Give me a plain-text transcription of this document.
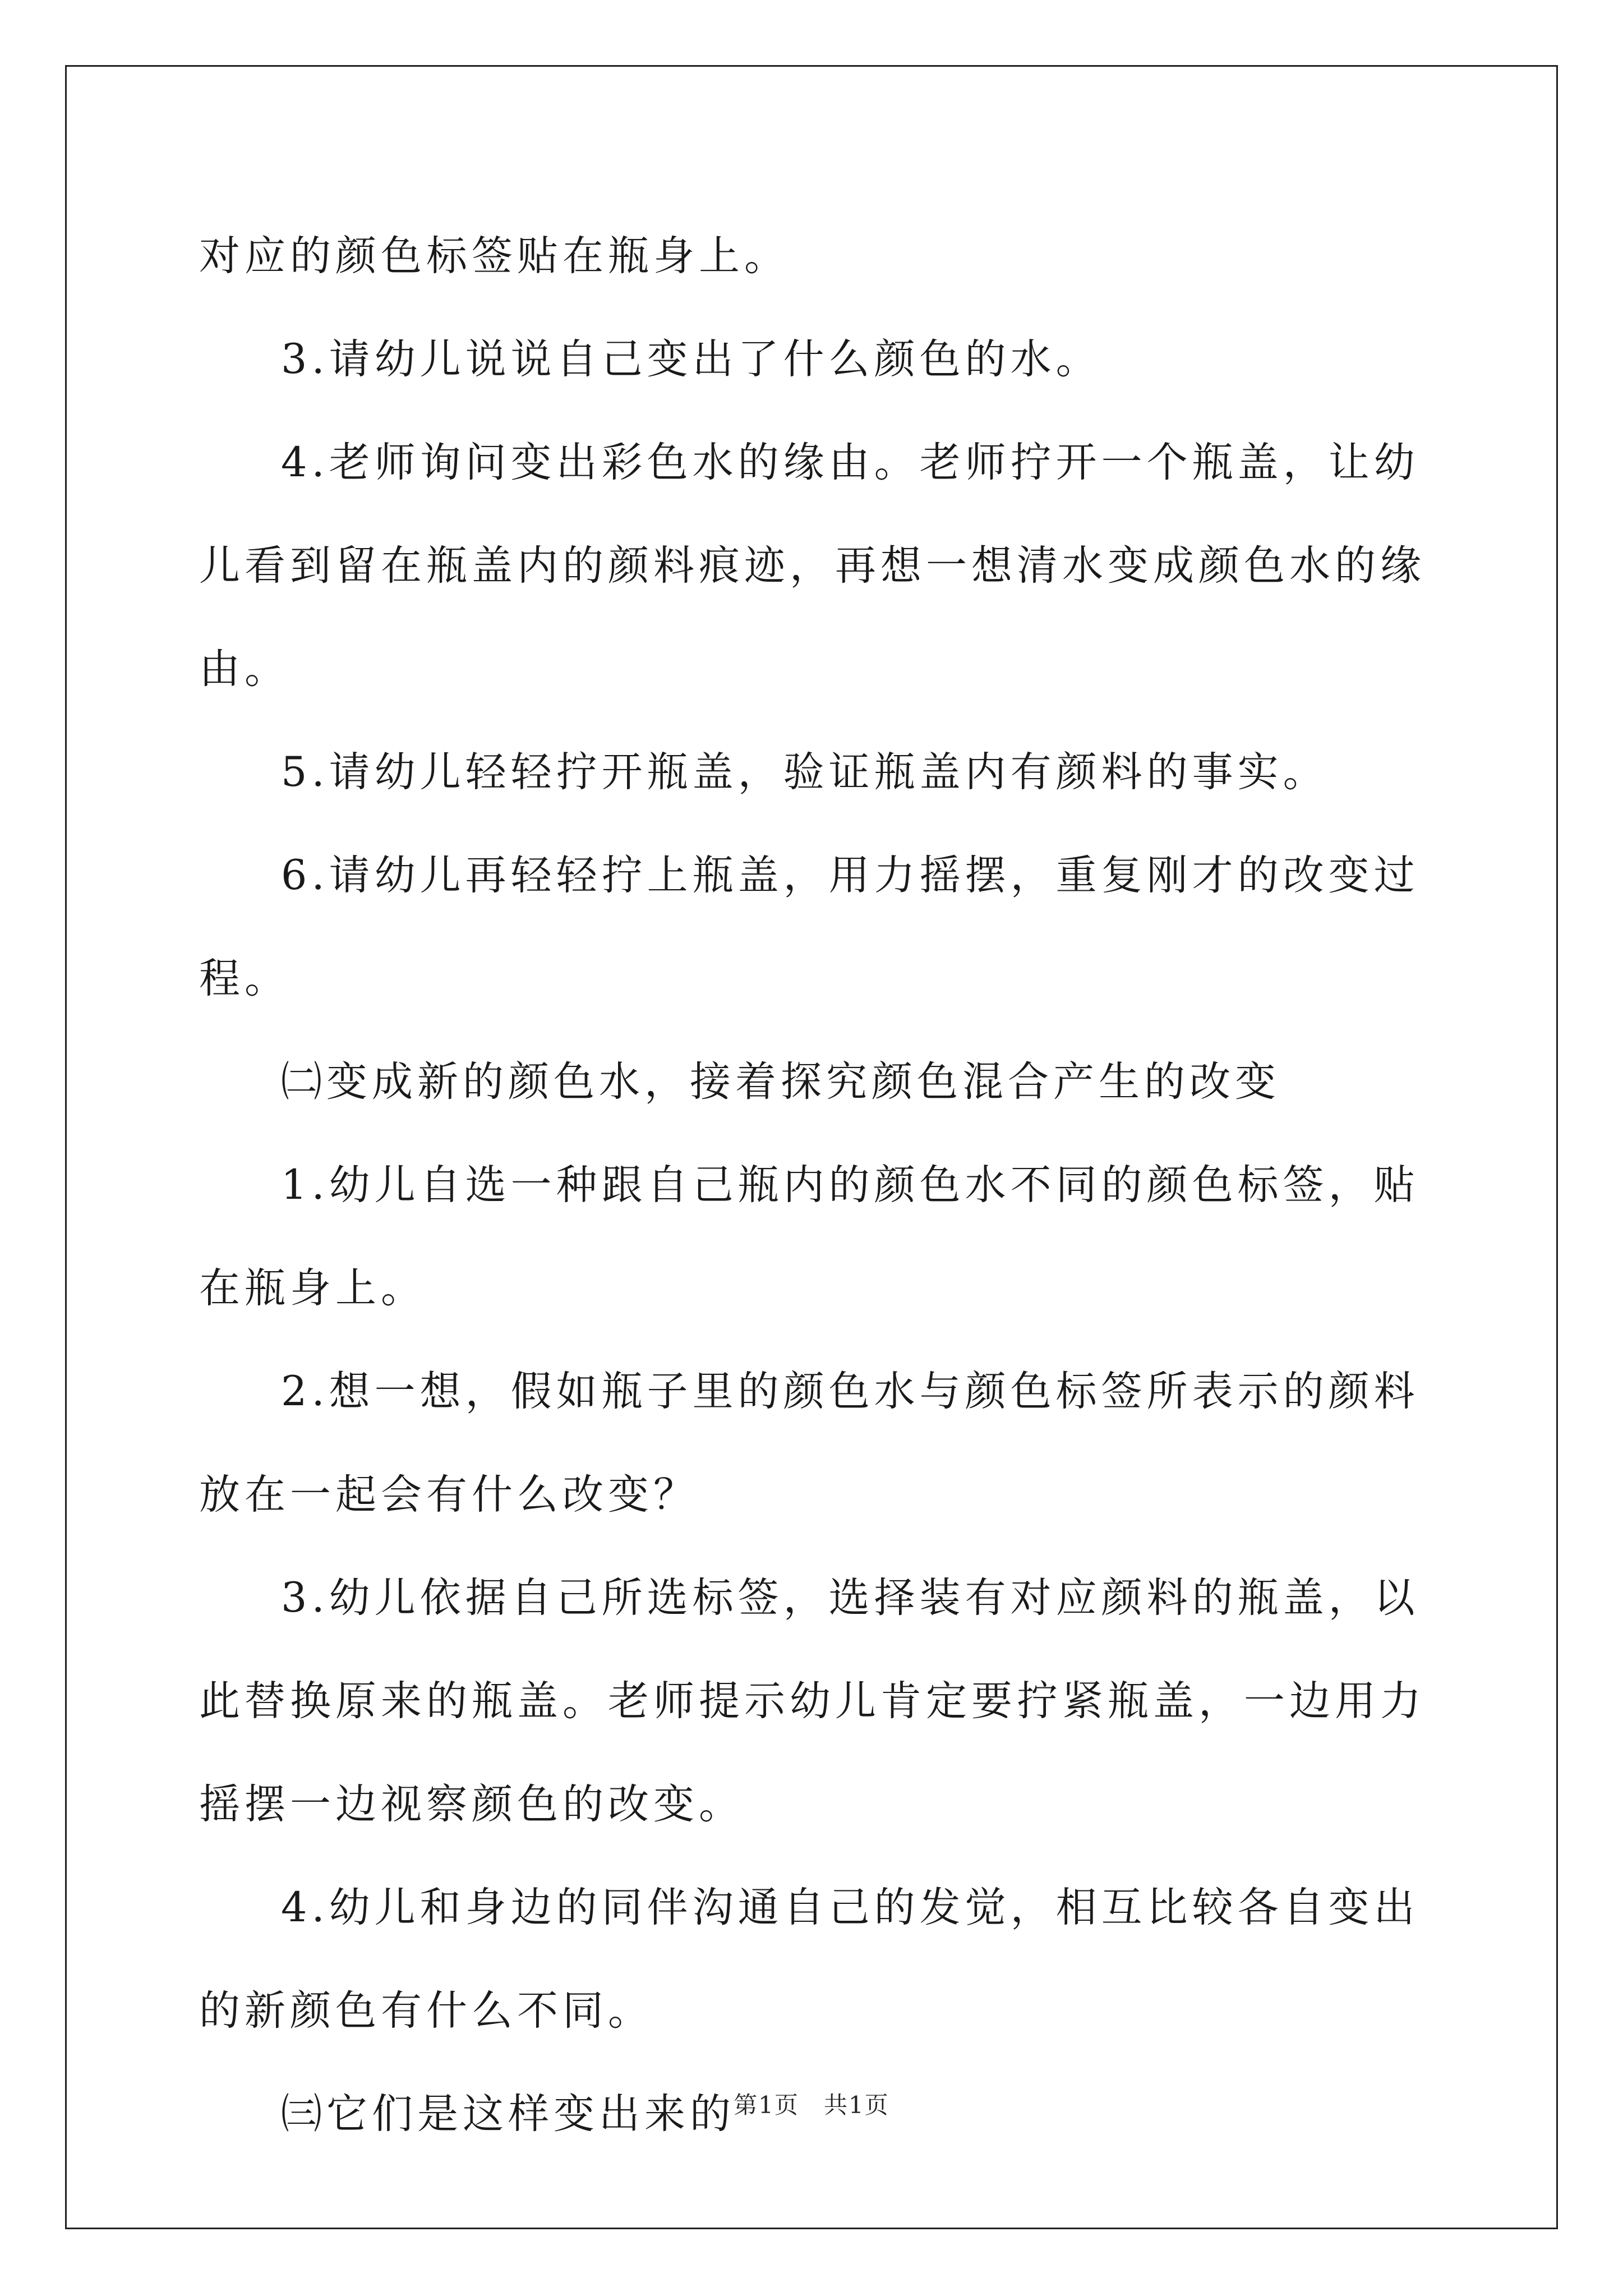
对应的颜色标签贴在瓶身上。

3.请幼儿说说自己变出了什么颜色的水。

4.老师询问变出彩色水的缘由。老师拧开一个瓶盖，让幼儿看到留在瓶盖内的颜料痕迹，再想一想清水变成颜色水的缘由。

5.请幼儿轻轻拧开瓶盖，验证瓶盖内有颜料的事实。

6.请幼儿再轻轻拧上瓶盖，用力摇摆，重复刚才的改变过程。

㈡变成新的颜色水，接着探究颜色混合产生的改变

1.幼儿自选一种跟自己瓶内的颜色水不同的颜色标签，贴在瓶身上。

2.想一想，假如瓶子里的颜色水与颜色标签所表示的颜料放在一起会有什么改变？

3.幼儿依据自己所选标签，选择装有对应颜料的瓶盖，以此替换原来的瓶盖。老师提示幼儿肯定要拧紧瓶盖，一边用力摇摆一边视察颜色的改变。

4.幼儿和身边的同伴沟通自己的发觉，相互比较各自变出的新颜色有什么不同。

㈢它们是这样变出来的

第1页　共1页
